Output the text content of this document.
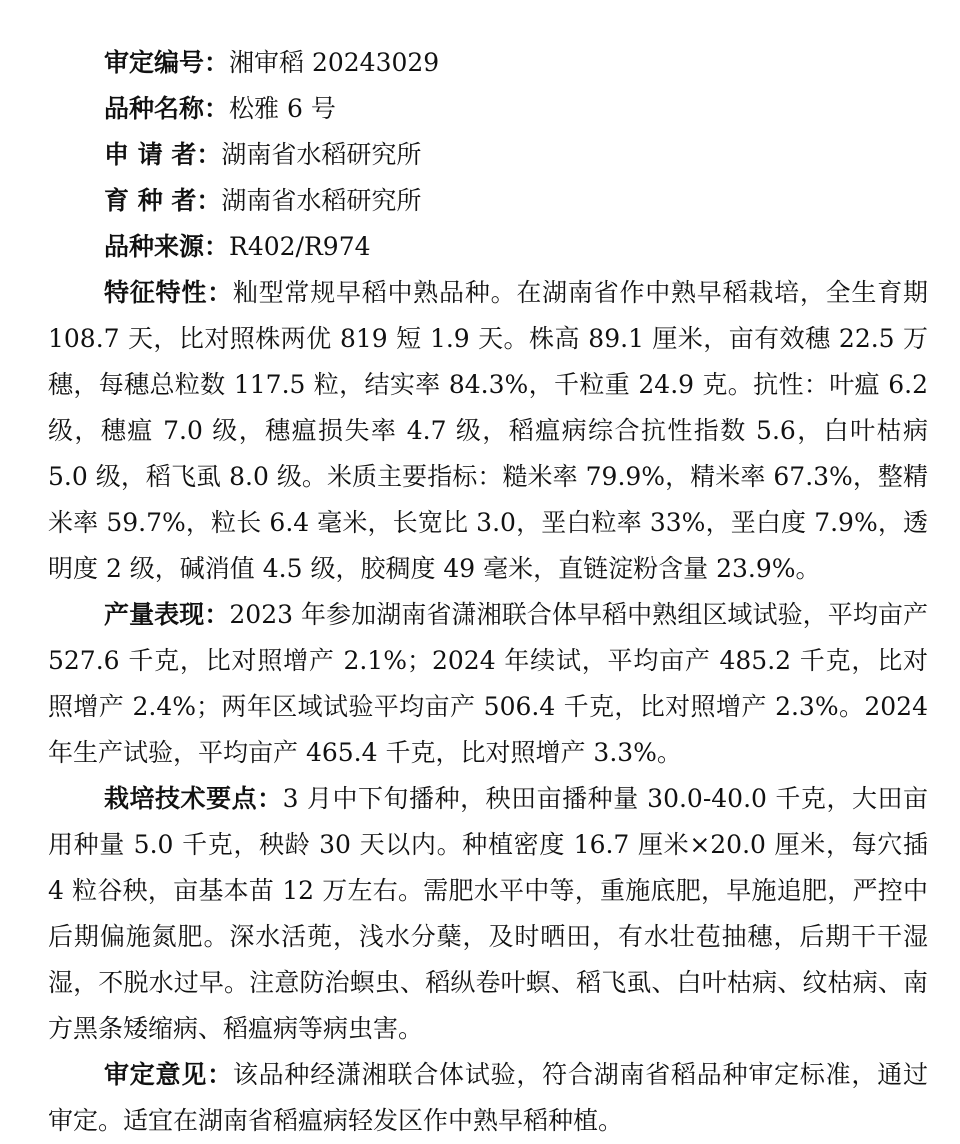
审定编号：湘审稻 20243029

品种名称：松雅 6 号

申 请 者：湖南省水稻研究所

育 种 者：湖南省水稻研究所

品种来源：R402/R974

特征特性：籼型常规早稻中熟品种。在湖南省作中熟早稻栽培，全生育期 108.7 天，比对照株两优 819 短 1.9 天。株高 89.1 厘米，亩有效穗 22.5 万穗，每穗总粒数 117.5 粒，结实率 84.3%，千粒重 24.9 克。抗性：叶瘟 6.2 级，穗瘟 7.0 级，穗瘟损失率 4.7 级，稻瘟病综合抗性指数 5.6，白叶枯病 5.0 级，稻飞虱 8.0 级。米质主要指标：糙米率 79.9%，精米率 67.3%，整精米率 59.7%，粒长 6.4 毫米，长宽比 3.0，垩白粒率 33%，垩白度 7.9%，透明度 2 级，碱消值 4.5 级，胶稠度 49 毫米，直链淀粉含量 23.9%。

产量表现：2023 年参加湖南省潇湘联合体早稻中熟组区域试验，平均亩产 527.6 千克，比对照增产 2.1%；2024 年续试，平均亩产 485.2 千克，比对照增产 2.4%；两年区域试验平均亩产 506.4 千克，比对照增产 2.3%。2024 年生产试验，平均亩产 465.4 千克，比对照增产 3.3%。

栽培技术要点：3 月中下旬播种，秧田亩播种量 30.0-40.0 千克，大田亩用种量 5.0 千克，秧龄 30 天以内。种植密度 16.7 厘米×20.0 厘米，每穴插 4 粒谷秧，亩基本苗 12 万左右。需肥水平中等，重施底肥，早施追肥，严控中后期偏施氮肥。深水活蔸，浅水分蘖，及时晒田，有水壮苞抽穗，后期干干湿湿，不脱水过早。注意防治螟虫、稻纵卷叶螟、稻飞虱、白叶枯病、纹枯病、南方黑条矮缩病、稻瘟病等病虫害。

审定意见：该品种经潇湘联合体试验，符合湖南省稻品种审定标准，通过审定。适宜在湖南省稻瘟病轻发区作中熟早稻种植。
